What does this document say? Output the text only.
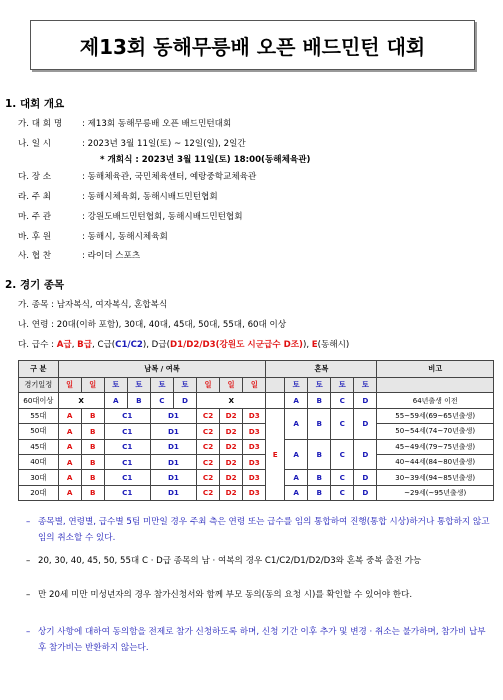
제13회 동해무릉배 오픈 배드민턴 대회
1. 대회 개요
가. 대 회 명 : 제13회 동해무릉배 오픈 배드민턴대회
나. 일 시	: 2023년 3월 11일(토) ~ 12일(일), 2일간
* 개회식 : 2023년 3월 11일(토) 18:00(동해체육관)
다. 장 소	: 동해체육관, 국민체육센터, 예랑중학교체육관
라. 주 최	: 동해시체육회, 동해시배드민턴협회
마. 주 관	: 강원도배드민턴협회, 동해시배드민턴협회
바. 후 원	: 동해시, 동해시체육회
사. 협 찬	: 라이더 스포츠
2. 경기 종목
가. 종목 : 남자복식, 여자복식, 혼합복식
나. 연령 : 20대(이하 포함), 30대, 40대, 45대, 50대, 55대, 60대 이상
다. 급수 : A급, B급, C급(C1/C2), D급(D1/D2/D3(강원도 시군급수 D조)), E(동해시)
구 분	남복 / 여복									혼복					비고
경기일정	일	일	토	토	토	토	일	일	일		토	토	토	토	
60대이상	X		A	B	C	D	X				A	B	C	D	64년출생 이전
55대	A	B	C1		D1		C2	D2	D3	E	A	B	C	D	55~59세(69~65년출생)
50대	A	B	C1		D1		C2	D2	D3						50~54세(74~70년출생)
45대	A	B	C1		D1		C2	D2	D3		A	B	C	D	45~49세(79~75년출생)
40대	A	B	C1		D1		C2	D2	D3						40~44세(84~80년출생)
30대	A	B	C1		D1		C2	D2	D3		A	B	C	D	30~39세(94~85년출생)
20대	A	B	C1		D1		C2	D2	D3		A	B	C	D	~29세(~95년출생)
– 종목별, 연령별, 급수별 5팀 미만일 경우 주최 측은 연령 또는 급수를 임의 통합하여 진행(통합 시상)하거나 통합하지 않고 임의 취소할 수 있다.
– 20, 30, 40, 45, 50, 55대 C · D급 종목의 남 · 여복의 경우 C1/C2/D1/D2/D3와 혼복 중복 출전 가능
– 만 20세 미만 미성년자의 경우 참가신청서와 함께 부모 동의(동의 요청 시)를 확인할 수 있어야 한다.
– 상기 사항에 대하여 동의함을 전제로 참가 신청하도록 하며, 신청 기간 이후 추가 및 변경 · 취소는 불가하며, 참가비 납부 후 참가비는 반환하지 않는다.
